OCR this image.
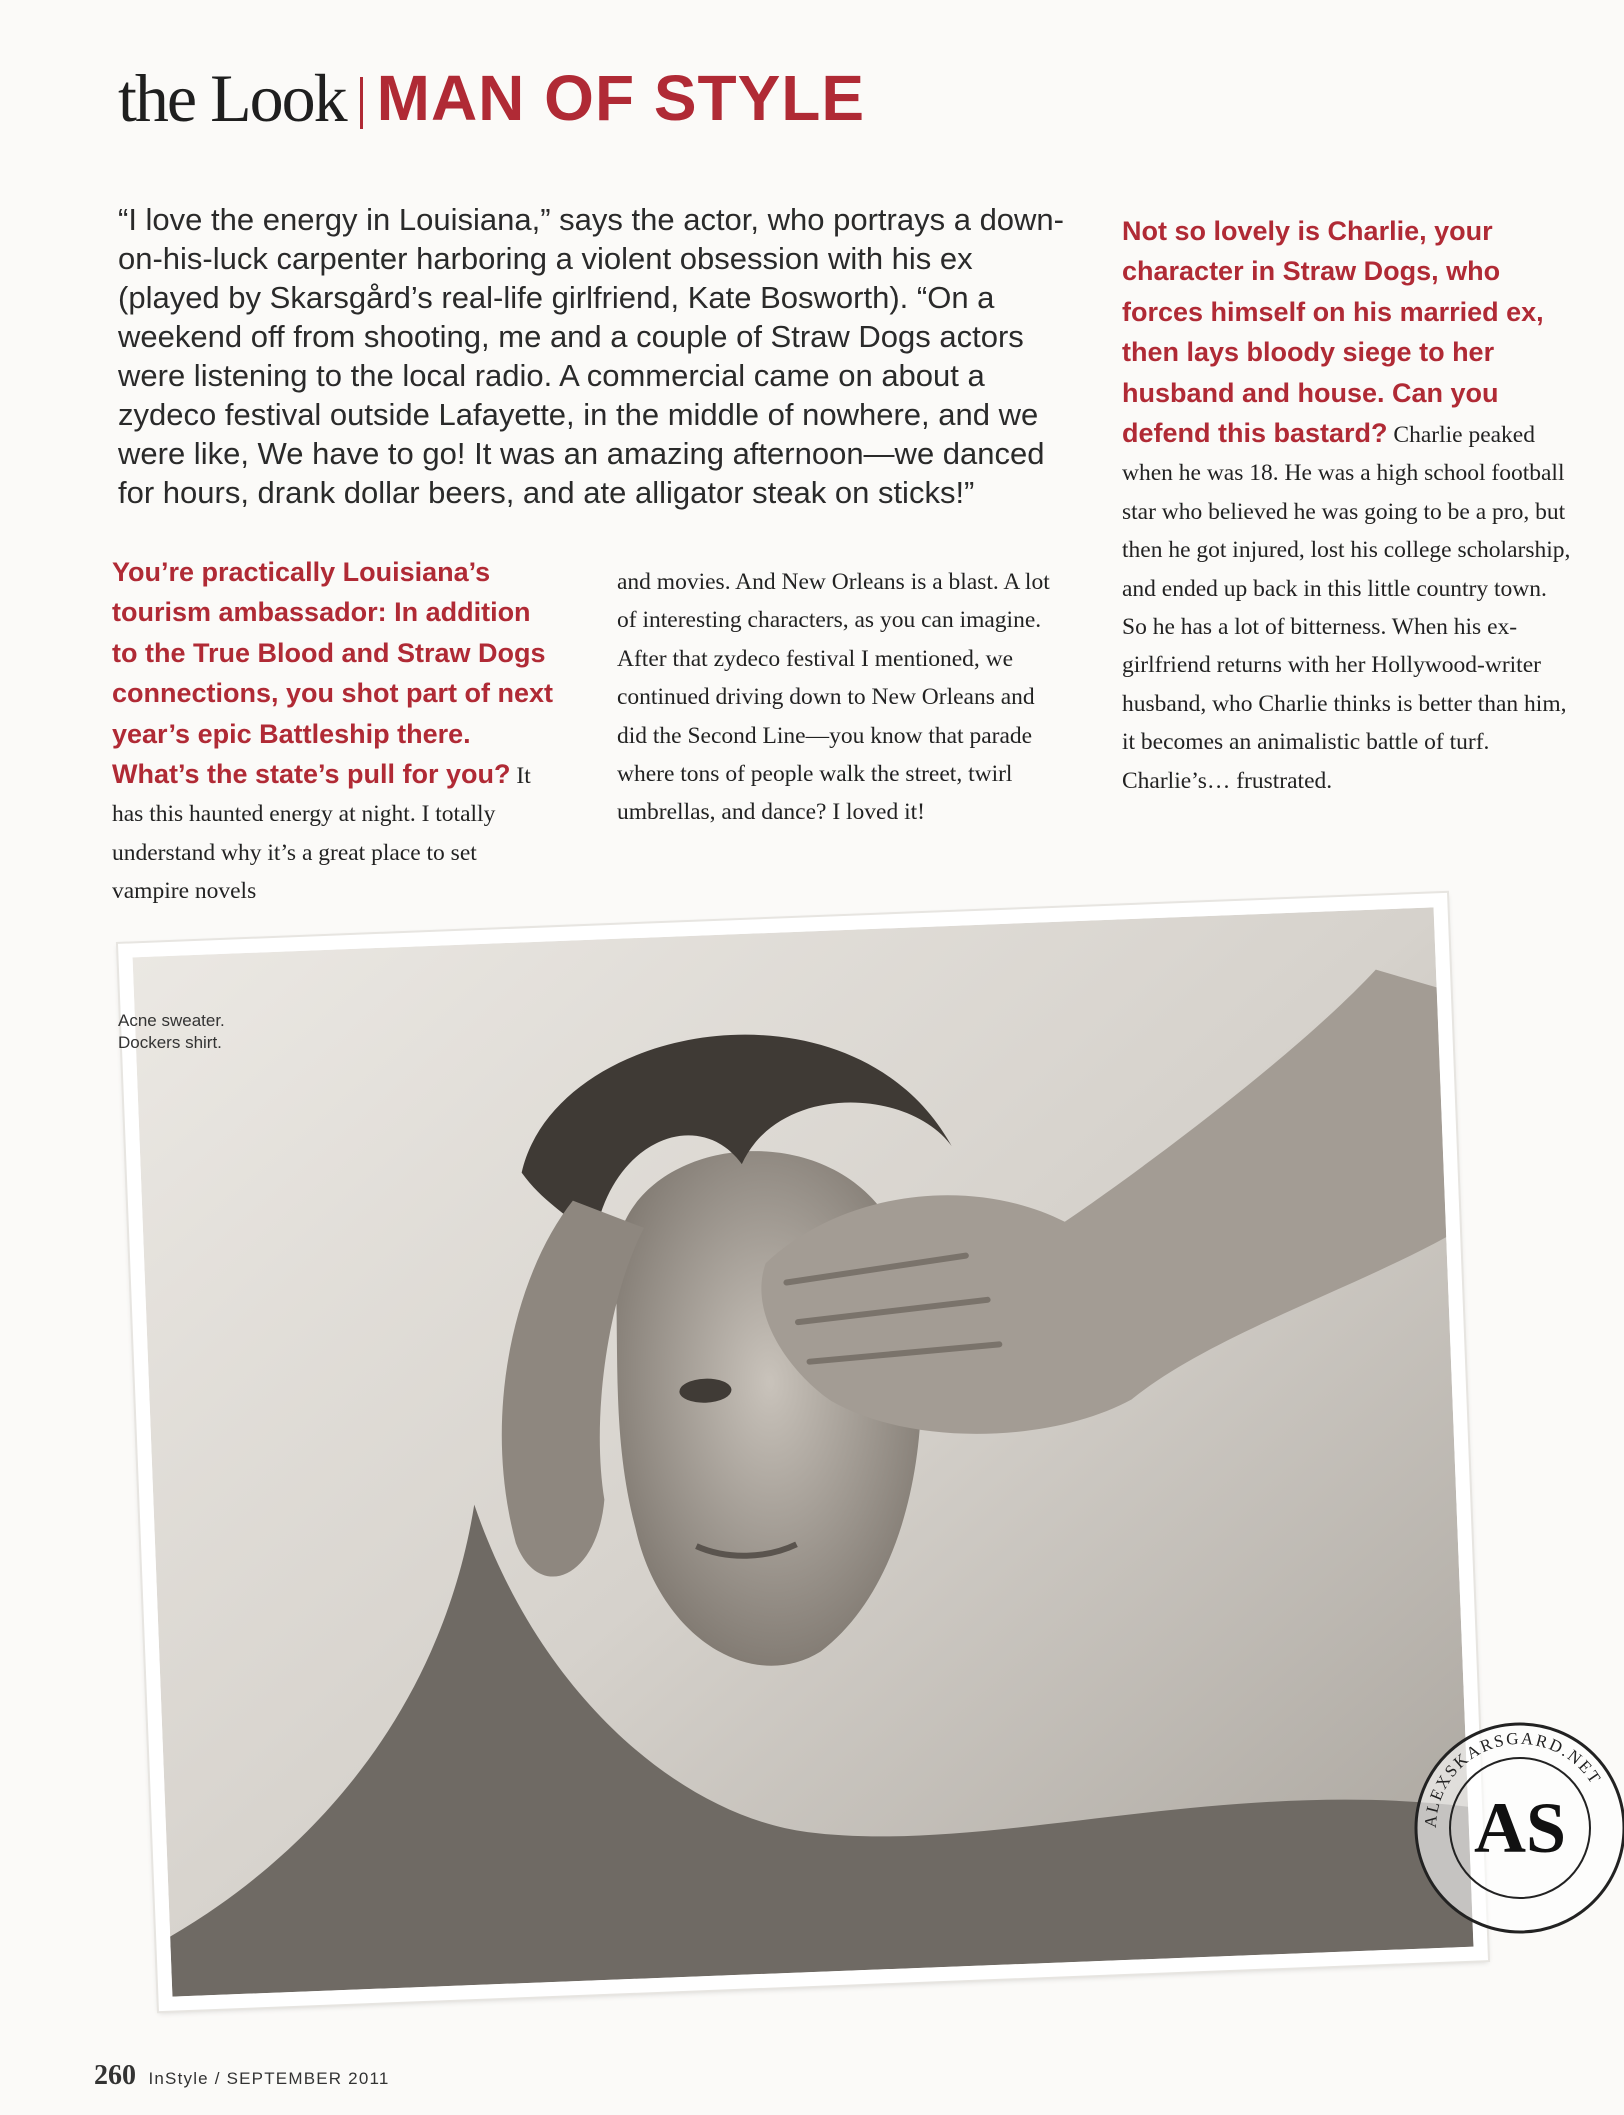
the Look MAN OF STYLE

“I love the energy in Louisiana,” says the actor, who portrays a down-on-his-luck carpenter harboring a violent obsession with his ex (played by Skarsgård’s real-life girlfriend, Kate Bosworth). “On a weekend off from shooting, me and a couple of Straw Dogs actors were listening to the local radio. A commercial came on about a zydeco festival outside Lafayette, in the middle of nowhere, and we were like, We have to go! It was an amazing afternoon—we danced for hours, drank dollar beers, and ate alligator steak on sticks!”

You’re practically Louisiana’s tourism ambassador: In addition to the True Blood and Straw Dogs connections, you shot part of next year’s epic Battleship there. What’s the state’s pull for you? It has this haunted energy at night. I totally understand why it’s a great place to set vampire novels

and movies. And New Orleans is a blast. A lot of interesting characters, as you can imagine. After that zydeco festival I mentioned, we continued driving down to New Orleans and did the Second Line—you know that parade where tons of people walk the street, twirl umbrellas, and dance? I loved it!

Not so lovely is Charlie, your character in Straw Dogs, who forces himself on his married ex, then lays bloody siege to her husband and house. Can you defend this bastard? Charlie peaked when he was 18. He was a high school football star who believed he was going to be a pro, but then he got injured, lost his college scholarship, and ended up back in this little country town. So he has a lot of bitterness. When his ex-girlfriend returns with her Hollywood-writer husband, who Charlie thinks is better than him, it becomes an animalistic battle of turf. Charlie’s… frustrated.

Acne sweater.
Dockers shirt.
ALEXSKARSGARD.NET
AS
260 InStyle / SEPTEMBER 2011
